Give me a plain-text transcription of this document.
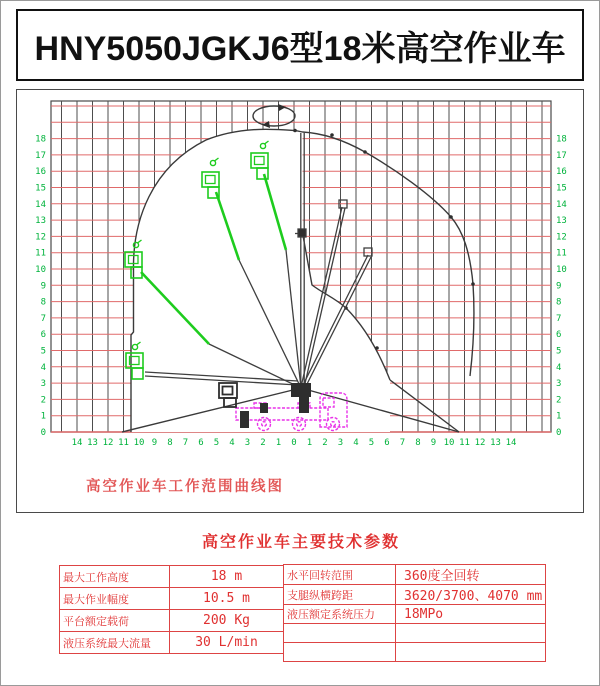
HNY5050JGKJ6型18米高空作业车
0	0
1	1
2	2
3	3
4	4
5	5
6	6
7	7
8	8
9	9
10	10
11	11
12	12
13	13
14	14
15	15
16	16
17	17
18	18
14 13 12 11 10 9 8 7 6 5 4 3 2 1 0 1 2 3 4 5 6 7 8 9 10 11 12 13 14
高空作业车工作范围曲线图
高空作业车主要技术参数
最大工作高度	18 m
最大作业幅度	10.5 m
平台额定载荷	200 Kg
液压系统最大流量	30 L/min
水平回转范围	360度全回转
支腿纵横跨距	3620/3700、4070 mm
液压额定系统压力	18MPo
